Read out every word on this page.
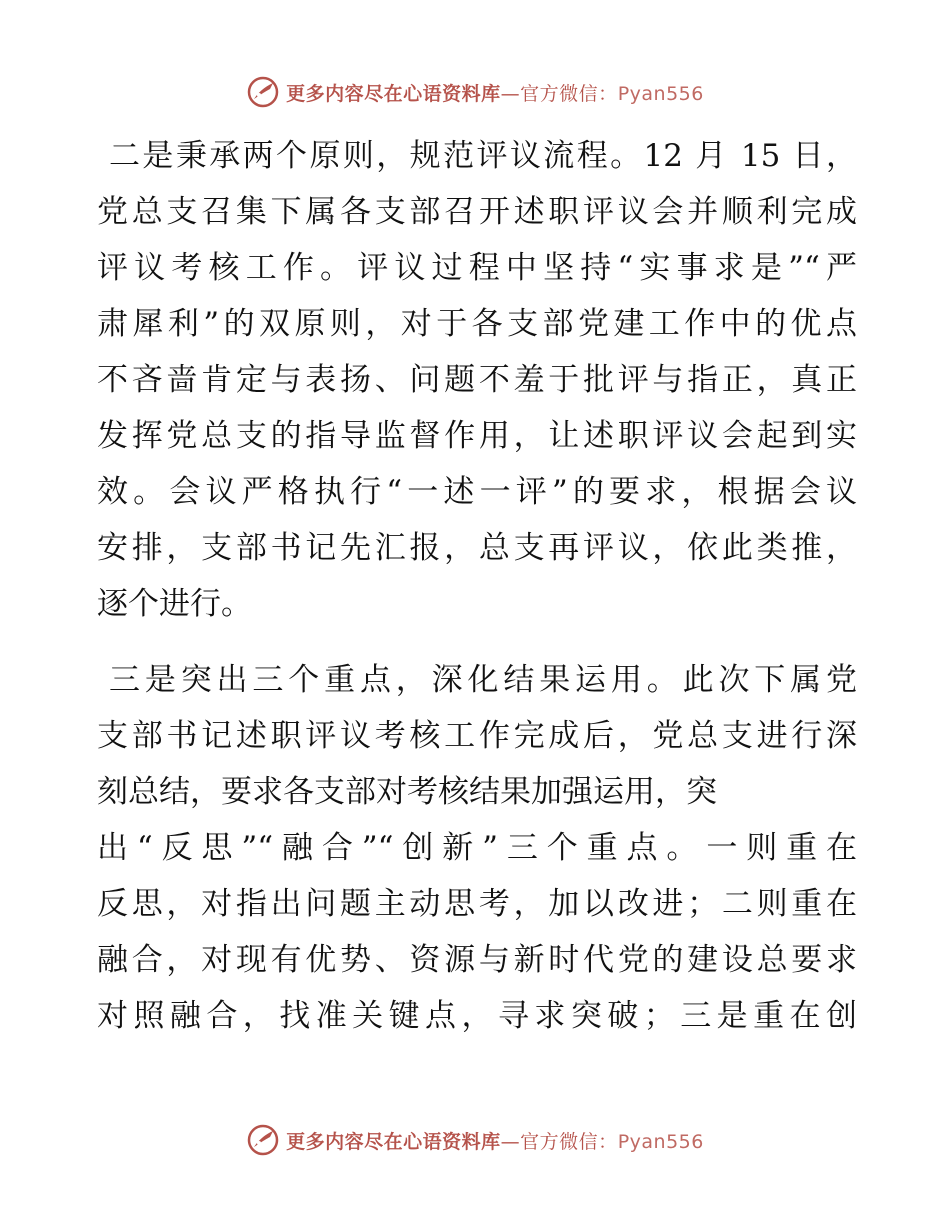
更多内容尽在心语资料库—官方微信：Pyan556
二是秉承两个原则，规范评议流程。12 月 15 日，
党总支召集下属各支部召开述职评议会并顺利完成
评议考核工作。评议过程中坚持“实事求是”“严
肃犀利”的双原则，对于各支部党建工作中的优点
不吝啬肯定与表扬、问题不羞于批评与指正，真正
发挥党总支的指导监督作用，让述职评议会起到实
效。会议严格执行“一述一评”的要求，根据会议
安排，支部书记先汇报，总支再评议，依此类推，
逐个进行。
三是突出三个重点，深化结果运用。此次下属党
支部书记述职评议考核工作完成后，党总支进行深
刻总结，要求各支部对考核结果加强运用，突
出“反思”“融合”“创新”三个重点。一则重在
反思，对指出问题主动思考，加以改进；二则重在
融合，对现有优势、资源与新时代党的建设总要求
对照融合，找准关键点，寻求突破；三是重在创
更多内容尽在心语资料库—官方微信：Pyan556
